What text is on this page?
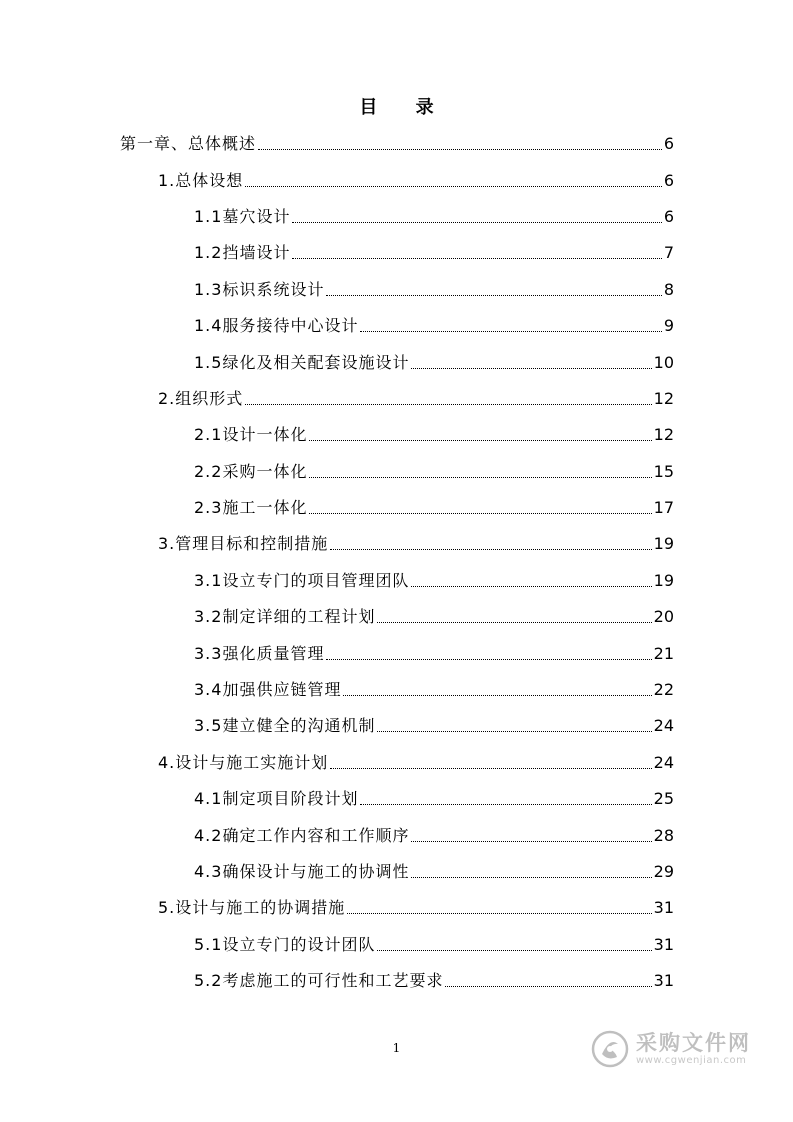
目 录
第一章、总体概述	6
1.总体设想	6
1.1墓穴设计	6
1.2挡墙设计	7
1.3标识系统设计	8
1.4服务接待中心设计	9
1.5绿化及相关配套设施设计	10
2.组织形式	12
2.1设计一体化	12
2.2采购一体化	15
2.3施工一体化	17
3.管理目标和控制措施	19
3.1设立专门的项目管理团队	19
3.2制定详细的工程计划	20
3.3强化质量管理	21
3.4加强供应链管理	22
3.5建立健全的沟通机制	24
4.设计与施工实施计划	24
4.1制定项目阶段计划	25
4.2确定工作内容和工作顺序	28
4.3确保设计与施工的协调性	29
5.设计与施工的协调措施	31
5.1设立专门的设计团队	31
5.2考虑施工的可行性和工艺要求	31
1	采购文件网
www.cgwenjian.com
